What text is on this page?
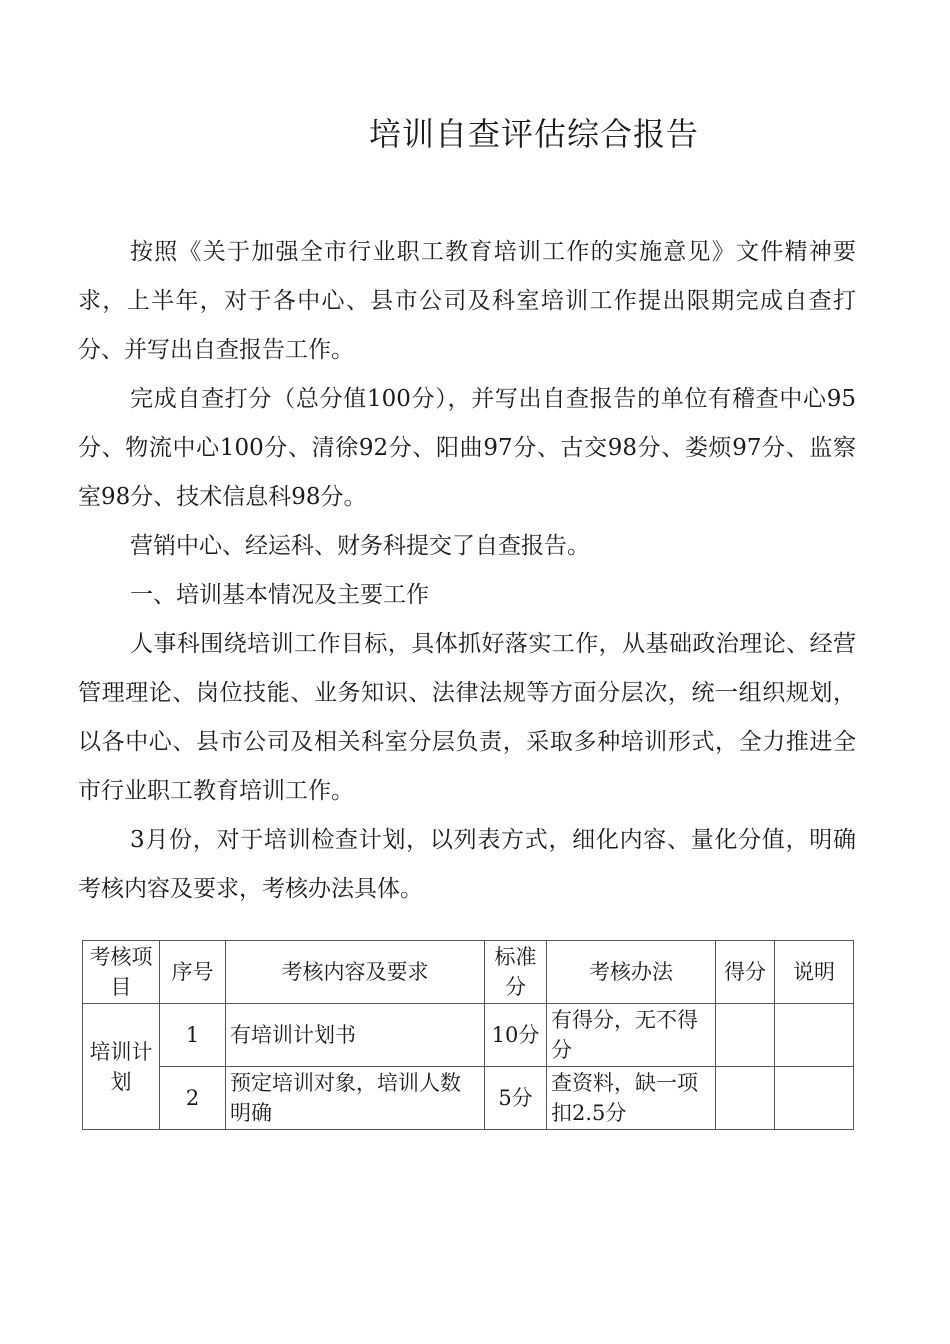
培训自查评估综合报告

按照《关于加强全市行业职工教育培训工作的实施意见》文件精神要求，上半年，对于各中心、县市公司及科室培训工作提出限期完成自查打分、并写出自查报告工作。

完成自查打分（总分值100分），并写出自查报告的单位有稽查中心95分、物流中心100分、清徐92分、阳曲97分、古交98分、娄烦97分、监察室98分、技术信息科98分。

营销中心、经运科、财务科提交了自查报告。

一、培训基本情况及主要工作

人事科围绕培训工作目标，具体抓好落实工作，从基础政治理论、经营管理理论、岗位技能、业务知识、法律法规等方面分层次，统一组织规划，以各中心、县市公司及相关科室分层负责，采取多种培训形式，全力推进全市行业职工教育培训工作。

3月份，对于培训检查计划，以列表方式，细化内容、量化分值，明确考核内容及要求，考核办法具体。

考核项目	序号	考核内容及要求	标准分	考核办法	得分	说明
培训计划	1	有培训计划书	10分	有得分，无不得分		
	2	预定培训对象，培训人数明确	5分	查资料，缺一项扣2.5分		
